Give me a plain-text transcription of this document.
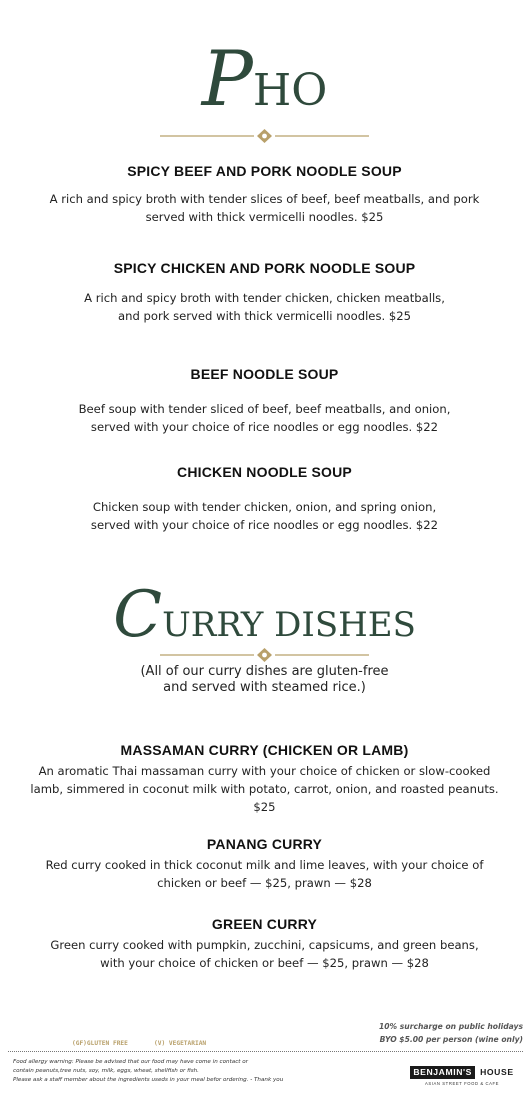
PHO
SPICY BEEF AND PORK NOODLE SOUP
A rich and spicy broth with tender slices of beef, beef meatballs, and pork
served with thick vermicelli noodles. $25
SPICY CHICKEN AND PORK NOODLE SOUP
A rich and spicy broth with tender chicken, chicken meatballs,
and pork served with thick vermicelli noodles. $25
BEEF NOODLE SOUP
Beef soup with tender sliced of beef, beef meatballs, and onion,
served with your choice of rice noodles or egg noodles. $22
CHICKEN NOODLE SOUP
Chicken soup with tender chicken, onion, and spring onion,
served with your choice of rice noodles or egg noodles. $22
CURRY DISHES
(All of our curry dishes are gluten-free
and served with steamed rice.)
MASSAMAN CURRY (CHICKEN OR LAMB)
An aromatic Thai massaman curry with your choice of chicken or slow-cooked
lamb, simmered in coconut milk with potato, carrot, onion, and roasted peanuts.
$25
PANANG CURRY
Red curry cooked in thick coconut milk and lime leaves, with your choice of
chicken or beef — $25, prawn — $28
GREEN CURRY
Green curry cooked with pumpkin, zucchini, capsicums, and green beans,
with your choice of chicken or beef — $25, prawn — $28
10% surcharge on public holidays
BYO $5.00 per person (wine only)
(GF)GLUTEN FREE	(V) VEGETARIAN
Food allergy warning: Please be advised that our food may have come in contact or
contain peanuts,tree nuts, soy, milk, eggs, wheat, shellfish or fish.
Please ask a staff member about the ingredients useds in your meal befor ordering. - Thank you
BENJAMIN'S HOUSE
ASIAN STREET FOOD & CAFE
